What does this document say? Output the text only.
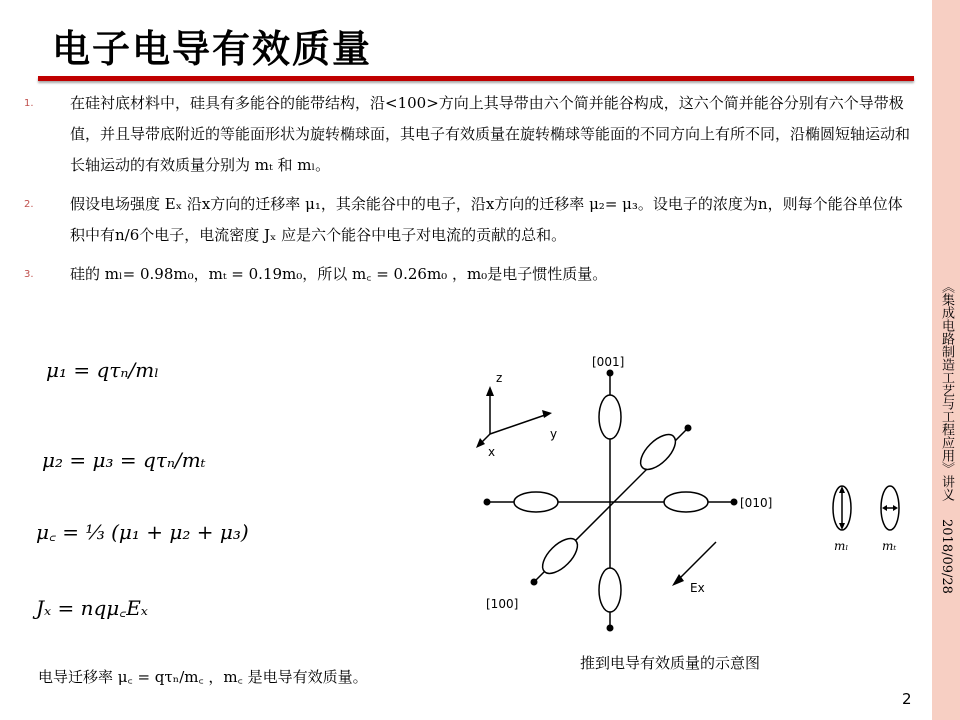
《集成电路制造工艺与工程应用》讲义 2018/09/28
电子电导有效质量
1. 在硅衬底材料中，硅具有多能谷的能带结构，沿<100>方向上其导带由六个简并能谷构成，这六个简并能谷分别有六个导带极值，并且导带底附近的等能面形状为旋转椭球面，其电子有效质量在旋转椭球等能面的不同方向上有所不同，沿椭圆短轴运动和长轴运动的有效质量分别为 mₜ 和 mₗ。
2. 假设电场强度 Eₓ 沿x方向的迁移率 μ₁，其余能谷中的电子，沿x方向的迁移率 μ₂= μ₃。设电子的浓度为n，则每个能谷单位体积中有n/6个电子，电流密度 Jₓ 应是六个能谷中电子对电流的贡献的总和。
3. 硅的 mₗ= 0.98m₀，mₜ = 0.19m₀，所以 m꜀ = 0.26m₀ ，m₀是电子惯性质量。
μ₁ = qτₙ/mₗ
μ₂ = μ₃ = qτₙ/mₜ
μ꜀ = ⅓ (μ₁ + μ₂ + μ₃)
Jₓ = nqμ꜀Eₓ
电导迁移率 μ꜀ = qτₙ/m꜀ ，m꜀ 是电导有效质量。
z
y
x
[001]
[010]
[100]
Ex
mₗ	mₜ
推到电导有效质量的示意图
2
